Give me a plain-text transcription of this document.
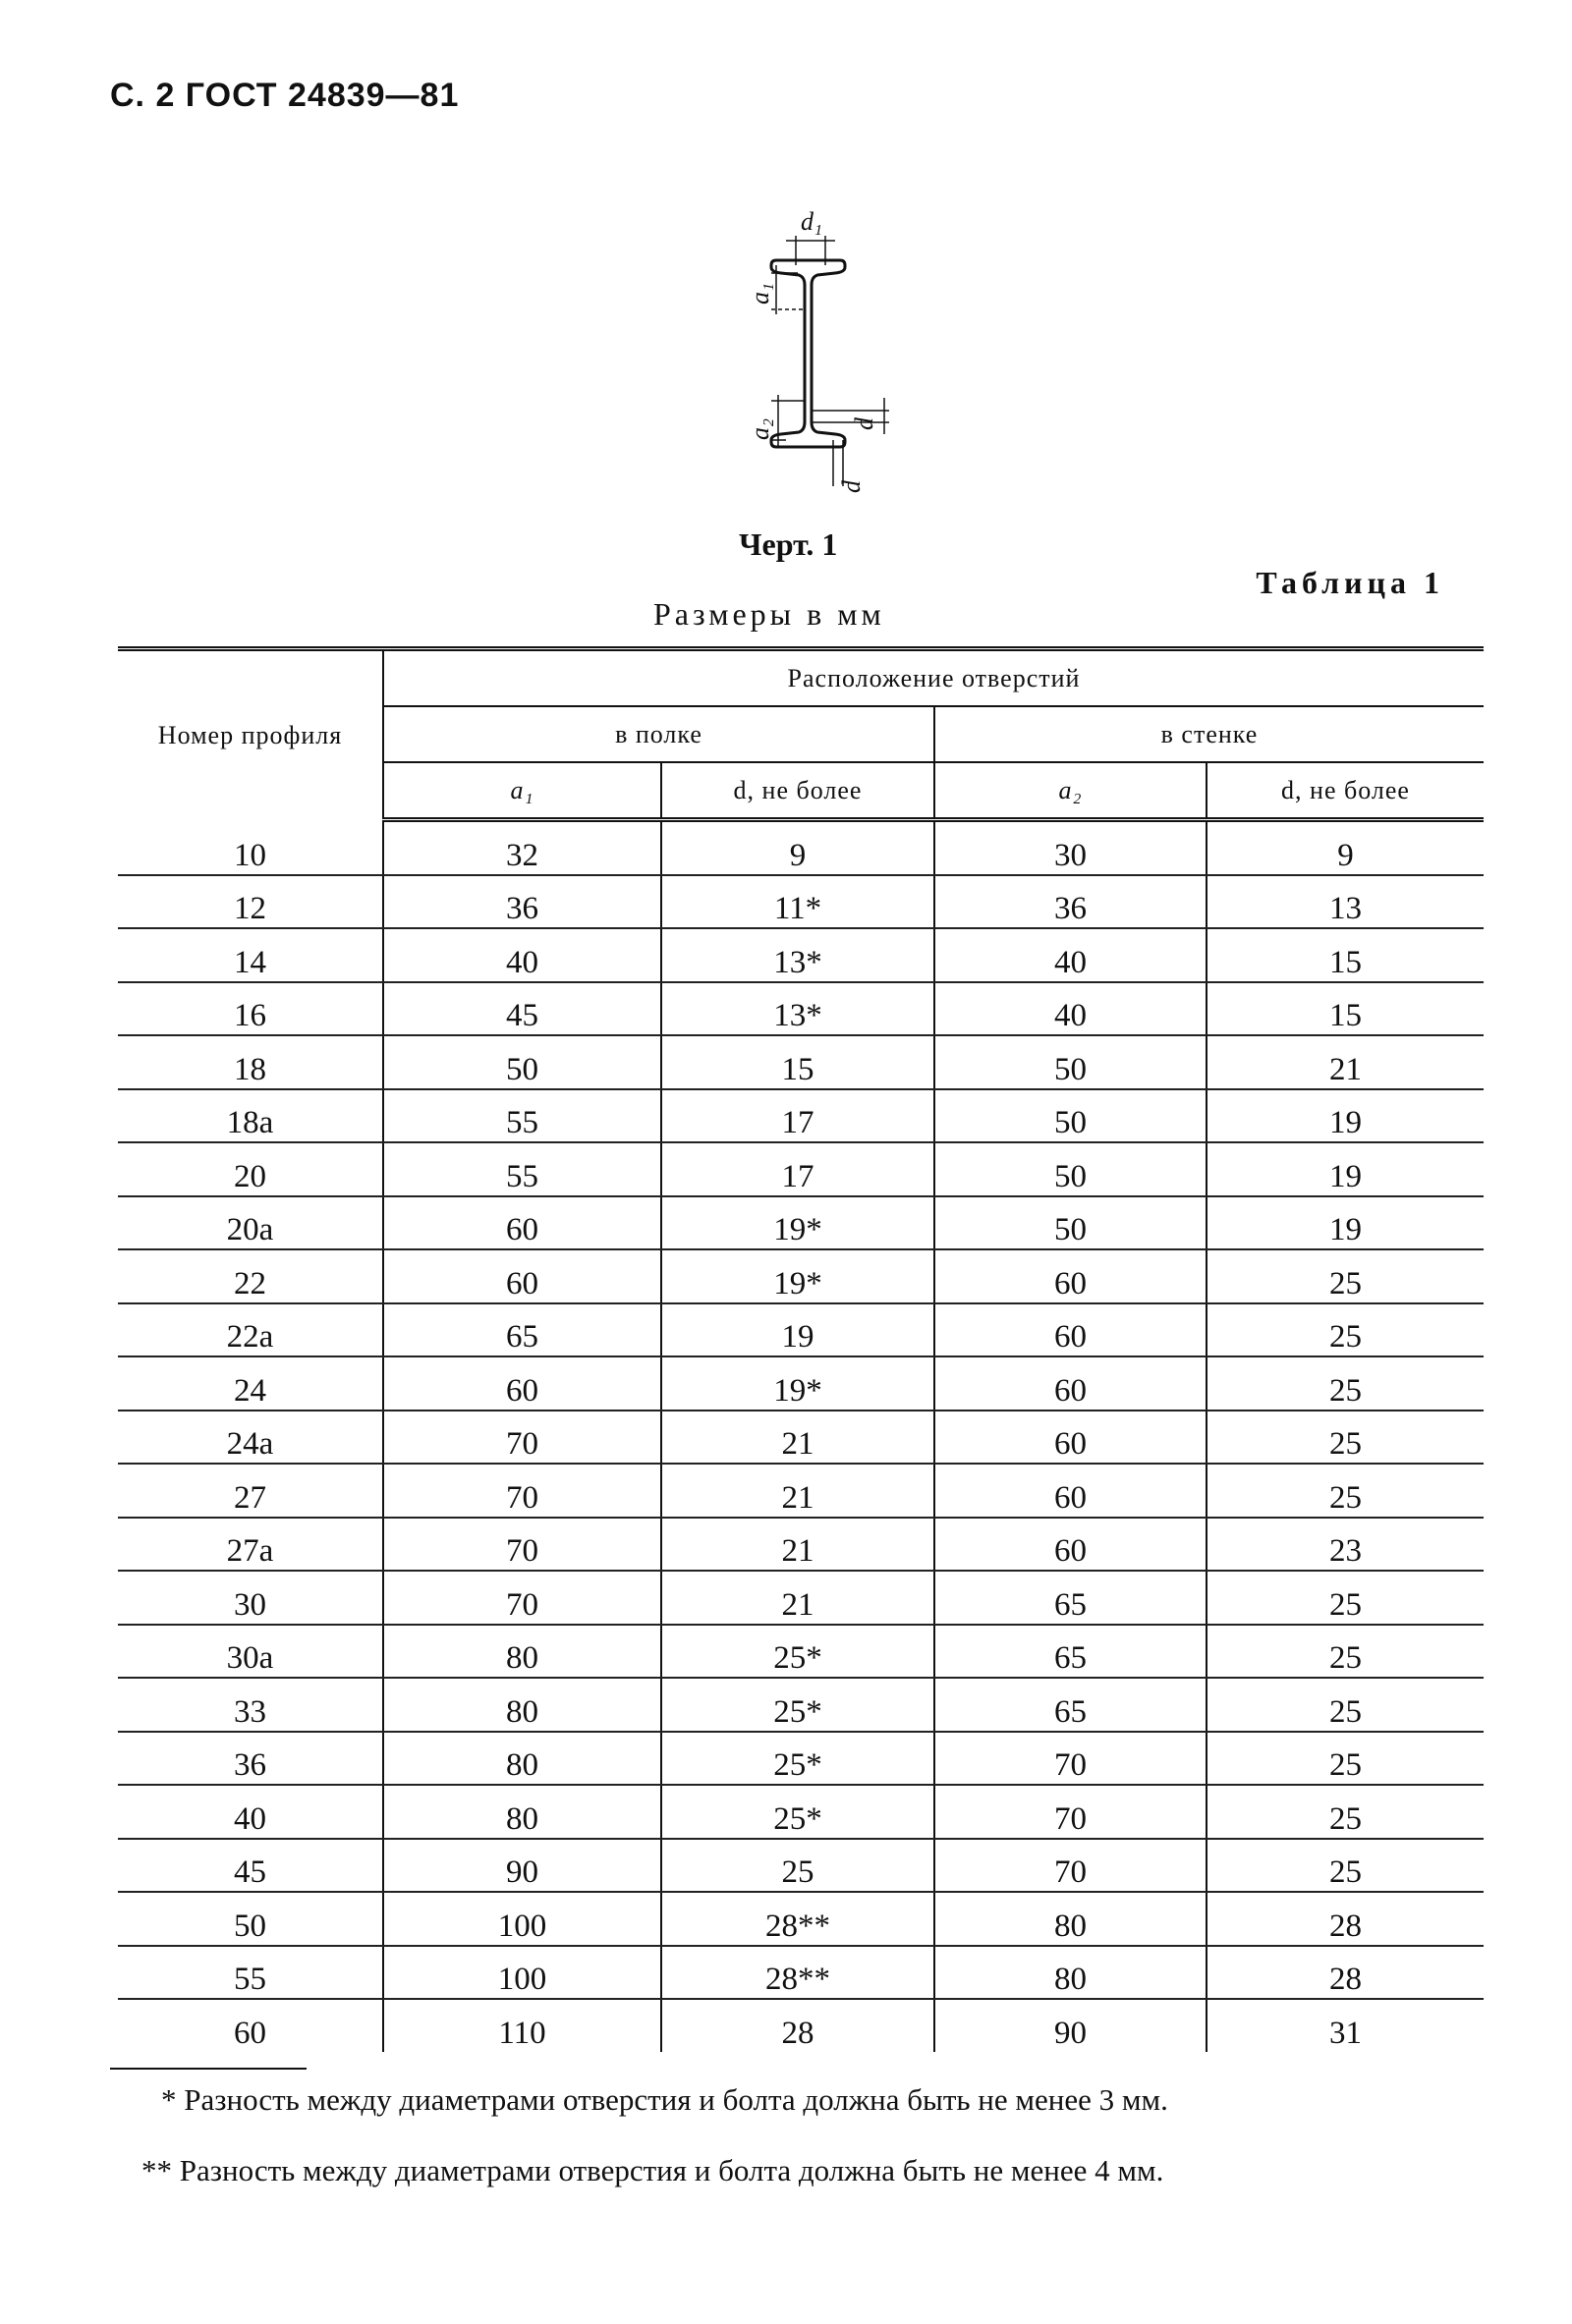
С. 2 ГОСТ 24839—81
d₁
a₁
d
a₂
d
Черт. 1
Таблица 1
Размеры в мм
Номер профиля	Расположение отверстий			
	в полке		в стенке	
	a₁	d, не более	a₂	d, не более
10	32	9	30	9
12	36	11*	36	13
14	40	13*	40	15
16	45	13*	40	15
18	50	15	50	21
18а	55	17	50	19
20	55	17	50	19
20а	60	19*	50	19
22	60	19*	60	25
22а	65	19	60	25
24	60	19*	60	25
24а	70	21	60	25
27	70	21	60	25
27а	70	21	60	23
30	70	21	65	25
30а	80	25*	65	25
33	80	25*	65	25
36	80	25*	70	25
40	80	25*	70	25
45	90	25	70	25
50	100	28**	80	28
55	100	28**	80	28
60	110	28	90	31
* Разность между диаметрами отверстия и болта должна быть не менее 3 мм.
** Разность между диаметрами отверстия и болта должна быть не менее 4 мм.
